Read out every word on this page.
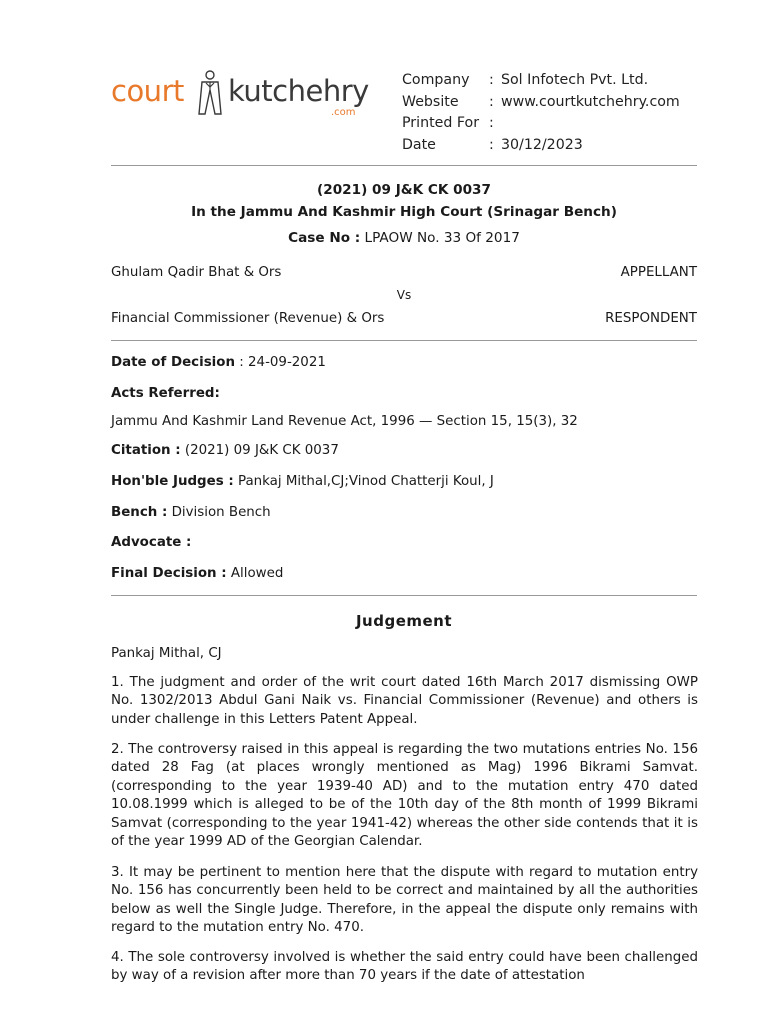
court kutchehry
.com
Company	: Sol Infotech Pvt. Ltd.
Website	: www.courtkutchehry.com
Printed For :
Date	: 30/12/2023
(2021) 09 J&K CK 0037
In the Jammu And Kashmir High Court (Srinagar Bench)
Case No : LPAOW No. 33 Of 2017
Ghulam Qadir Bhat & Ors	APPELLANT
Vs
Financial Commissioner (Revenue) & Ors	RESPONDENT
Date of Decision : 24-09-2021
Acts Referred:
Jammu And Kashmir Land Revenue Act, 1996 — Section 15, 15(3), 32
Citation : (2021) 09 J&K CK 0037
Hon'ble Judges : Pankaj Mithal,CJ;Vinod Chatterji Koul, J
Bench : Division Bench
Advocate :
Final Decision : Allowed
Judgement
Pankaj Mithal, CJ
1. The judgment and order of the writ court dated 16th March 2017 dismissing OWP No. 1302/2013 Abdul Gani Naik vs. Financial Commissioner (Revenue) and others is under challenge in this Letters Patent Appeal.
2. The controversy raised in this appeal is regarding the two mutations entries No. 156 dated 28 Fag (at places wrongly mentioned as Mag) 1996 Bikrami Samvat. (corresponding to the year 1939-40 AD) and to the mutation entry 470 dated 10.08.1999 which is alleged to be of the 10th day of the 8th month of 1999 Bikrami Samvat (corresponding to the year 1941-42) whereas the other side contends that it is of the year 1999 AD of the Georgian Calendar.
3. It may be pertinent to mention here that the dispute with regard to mutation entry No. 156 has concurrently been held to be correct and maintained by all the authorities below as well the Single Judge. Therefore, in the appeal the dispute only remains with regard to the mutation entry No. 470.
4. The sole controversy involved is whether the said entry could have been challenged by way of a revision after more than 70 years if the date of attestation
